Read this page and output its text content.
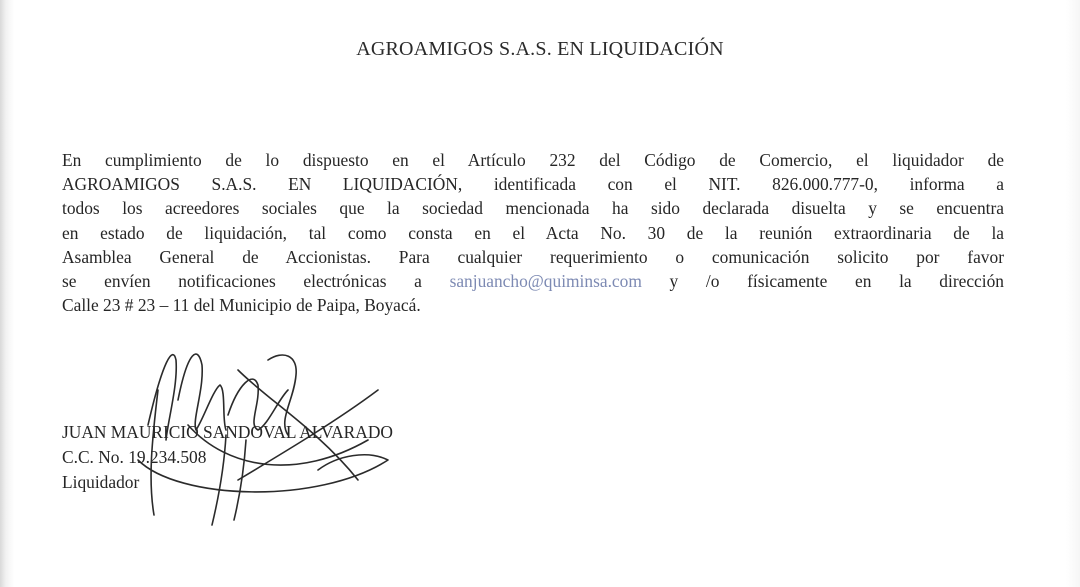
AGROAMIGOS S.A.S. EN LIQUIDACIÓN
En cumplimiento de lo dispuesto en el Artículo 232 del Código de Comercio, el liquidador de
AGROAMIGOS S.A.S. EN LIQUIDACIÓN, identificada con el NIT. 826.000.777-0, informa a
todos los acreedores sociales que la sociedad mencionada ha sido declarada disuelta y se encuentra
en estado de liquidación, tal como consta en el Acta No. 30 de la reunión extraordinaria de la
Asamblea General de Accionistas. Para cualquier requerimiento o comunicación solicito por favor
se envíen notificaciones electrónicas a sanjuancho@quiminsa.com y /o físicamente en la dirección
Calle 23 # 23 – 11 del Municipio de Paipa, Boyacá.
JUAN MAURICIO SANDOVAL ALVARADO
C.C. No. 19.234.508
Liquidador
